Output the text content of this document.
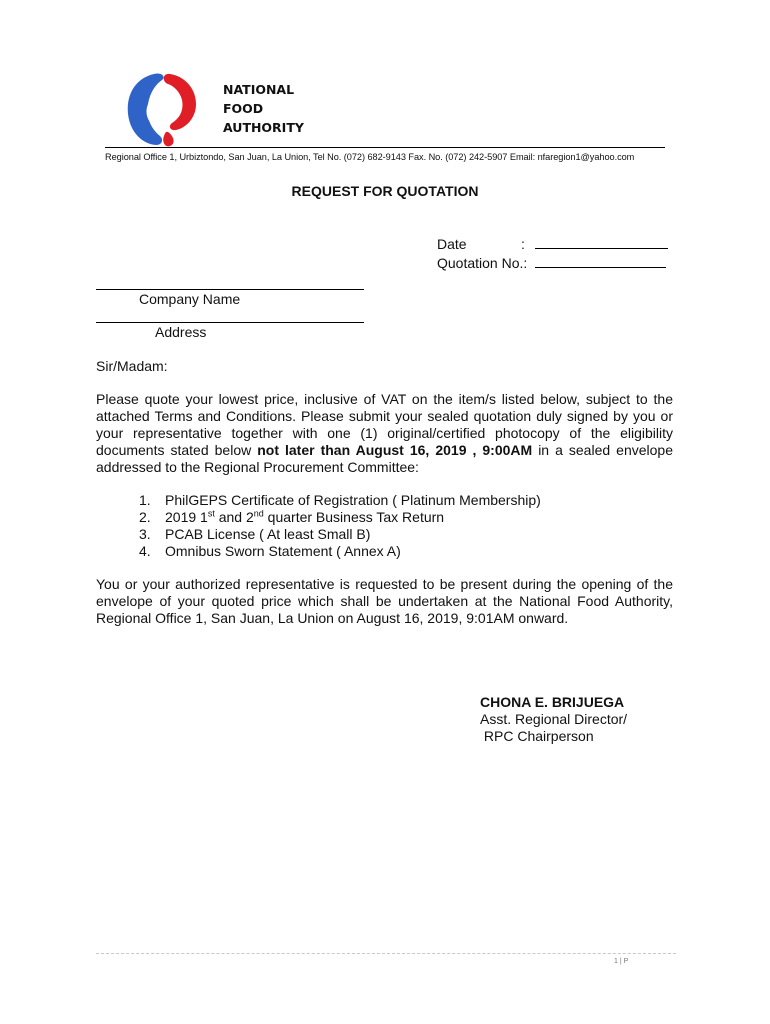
NATIONAL
FOOD
AUTHORITY
Regional Office 1, Urbiztondo, San Juan, La Union, Tel No. (072) 682-9143 Fax. No. (072) 242-5907 Email: nfaregion1@yahoo.com
REQUEST FOR QUOTATION
Date	:
Quotation No.:
Company Name
Address
Sir/Madam:
Please quote your lowest price, inclusive of VAT on the item/s listed below, subject to the
attached Terms and Conditions. Please submit your sealed quotation duly signed by you or
your representative together with one (1) original/certified photocopy of the eligibility
documents stated below not later than August 16, 2019 , 9:00AM in a sealed envelope
addressed to the Regional Procurement Committee:
1. PhilGEPS Certificate of Registration ( Platinum Membership)
2. 2019 1st and 2nd quarter Business Tax Return
3. PCAB License ( At least Small B)
4. Omnibus Sworn Statement ( Annex A)
You or your authorized representative is requested to be present during the opening of the
envelope of your quoted price which shall be undertaken at the National Food Authority,
Regional Office 1, San Juan, La Union on August 16, 2019, 9:01AM onward.
CHONA E. BRIJUEGA
Asst. Regional Director/
RPC Chairperson
1 | P
